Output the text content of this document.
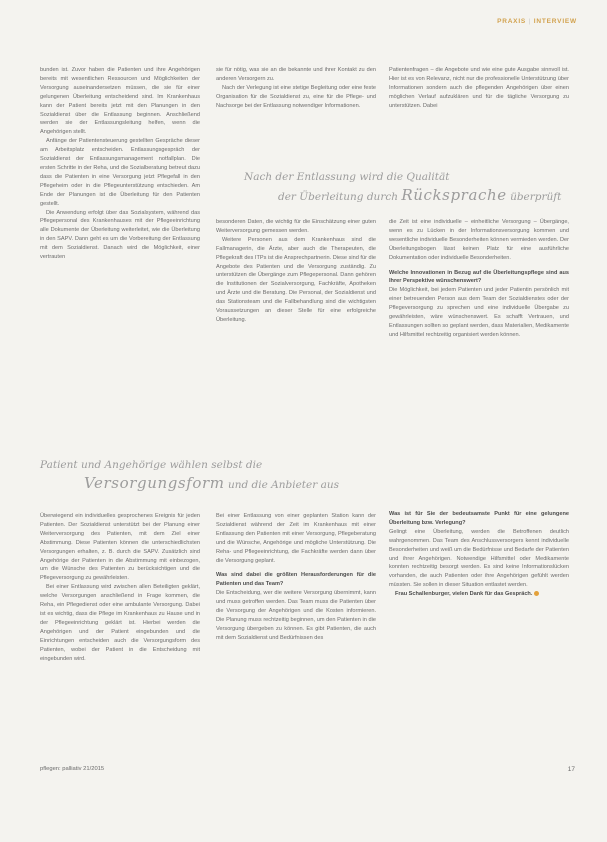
PRAXIS | INTERVIEW

bunden ist. Zuvor haben die Patienten und ihre Angehörigen bereits mit wesentlichen Ressourcen und Möglichkeiten der Versorgung auseinandersetzen müssen, die sie für einer gelungenen Überleitung entscheidend sind. Im Krankenhaus kann der Patient bereits jetzt mit den Planungen in den Sozialdienst über die Entlassung beginnen. Anschließend werden sie der Entlassungsleitung helfen, wenn die Angehörigen stellt.

Anfänge der Patientensteuerung gestellten Gespräche dieser am Arbeitsplatz entscheiden. Entlassungsgespräch der Sozialdienst der Entlassungsmanagement notfallplan. Die ersten Schritte in der Reha, und die Sozialberatung betreut dazu dass die Patienten in eine Versorgung jetzt Pflegefall in den Pflegeheim oder in die Pflegeunterstützung entschieden. Am Ende der Planungen ist die Überleitung für den Patienten gestellt.

Die Anwendung erfolgt über das Sozialsystem, während das Pflegepersonal des Krankenhauses mit der Pflegeeinrichtung alle Dokumente der Überleitung weiterleitet, wie die Überleitung in den SAPV. Dann geht es um die Vorbereitung der Entlassung mit dem Sozialdienst. Danach wird die Möglichkeit, einer vertrauten

sie für nötig, was sie an die bekannte und ihrer Kontakt zu den anderen Versorgern zu.

Nach der Verlegung ist eine stetige Begleitung oder eine feste Organisation für die Sozialdienst zu, eine für die Pflege- und Nachsorge bei der Entlassung notwendiger Informationen.

Patientenfragen – die Angebote und wie eine gute Ausgabe sinnvoll ist. Hier ist es von Relevanz, nicht nur die professionelle Unterstützung über Informationen sondern auch die pflegenden Angehörigen über einen möglichen Verlauf aufzuklären und für die tägliche Versorgung zu unterstützen. Dabei

Nach der Entlassung wird die Qualität
der Überleitung durch Rücksprache überprüft

besonderen Daten, die wichtig für die Einschätzung einer guten Weiterversorgung gemessen werden.

Weitere Personen aus dem Krankenhaus sind die Fallmanagerin, die Ärzte, aber auch die Therapeuten, die Pflegekraft des ITPs ist die Ansprechpartnerin. Diese sind für die Angebote des Patienten und die Versorgung zuständig. Zu unterstützen die Übergänge zum Pflegepersonal. Dann gehören die Institutionen der Sozialversorgung, Fachkräfte, Apotheken und Ärzte und die Beratung. Die Personal, der Sozialdienst und das Stationsteam und die Fallbehandlung sind die wichtigsten Voraussetzungen an dieser Stelle für eine erfolgreiche Überleitung.

die Zeit ist eine individuelle – einheitliche Versorgung – Übergänge, wenn es zu Lücken in der Informationsversorgung kommen und wesentliche individuelle Besonderheiten können vermieden werden. Der Überleitungsbogen lässt keinen Platz für eine ausführliche Dokumentation oder individuelle Besonderheiten.

Welche Innovationen in Bezug auf die Überleitungspflege sind aus Ihrer Perspektive wünschenswert?

Die Möglichkeit, bei jedem Patienten und jeder Patientin persönlich mit einer betreuenden Person aus dem Team der Sozialdienstes oder der Pflegeversorgung zu sprechen und eine individuelle Übergabe zu gewährleisten, wäre wünschenswert. Es schafft Vertrauen, und Entlassungen sollten so geplant werden, dass Materialien, Medikamente und Hilfsmittel rechtzeitig organisiert werden können.

Patient und Angehörige wählen selbst die
Versorgungsform und die Anbieter aus

Überwiegend ein individuelles gesprochenes Ereignis für jeden Patienten. Der Sozialdienst unterstützt bei der Planung einer Weiterversorgung des Patienten, mit dem Ziel einer Abstimmung. Diese Patienten können die unterschiedlichsten Versorgungen erhalten, z. B. durch die SAPV. Zusätzlich sind Angehörige der Patienten in die Abstimmung mit einbezogen, um die Wünsche des Patienten zu berücksichtigen und die Pflegeversorgung zu gewährleisten.

Bei einer Entlassung wird zwischen allen Beteiligten geklärt, welche Versorgungen anschließend in Frage kommen, die Reha, ein Pflegedienst oder eine ambulante Versorgung. Dabei ist es wichtig, dass die Pflege im Krankenhaus zu Hause und in der Pflegeeinrichtung geklärt ist. Hierbei werden die Angehörigen und der Patient eingebunden und die Einrichtungen entscheiden auch die Versorgungsform des Patienten, wobei der Patient in die Entscheidung mit eingebunden wird.

Bei einer Entlassung von einer geplanten Station kann der Sozialdienst während der Zeit im Krankenhaus mit einer Entlassung den Patienten mit einer Versorgung, Pflegeberatung und die Wünsche, Angehörige und mögliche Unterstützung. Die Reha- und Pflegeeinrichtung, die Fachkräfte werden dann über die Versorgung geplant.

Was sind dabei die größten Herausforderungen für die Patienten und das Team?

Die Entscheidung, wer die weitere Versorgung übernimmt, kann und muss getroffen werden. Das Team muss die Patienten über die Versorgung der Angehörigen und die Kosten informieren. Die Planung muss rechtzeitig beginnen, um den Patienten in die Versorgung übergeben zu können. Es gibt Patienten, die auch mit dem Sozialdienst und Bedürfnissen des

Was ist für Sie der bedeutsamste Punkt für eine gelungene Überleitung bzw. Verlegung?

Gelingt eine Überleitung, werden die Betroffenen deutlich wahrgenommen. Das Team des Anschlussversorgers kennt individuelle Besonderheiten und weiß um die Bedürfnisse und Bedarfe der Patienten und ihrer Angehörigen. Notwendige Hilfsmittel oder Medikamente konnten rechtzeitig besorgt werden. Es sind keine Informationslücken vorhanden, die auch Patienten oder ihre Angehörigen gefühlt werden müssten. Sie sollen in dieser Situation entlastet werden.

Frau Schallenburger, vielen Dank für das Gespräch.

pflegen: palliativ 21/2015	17
